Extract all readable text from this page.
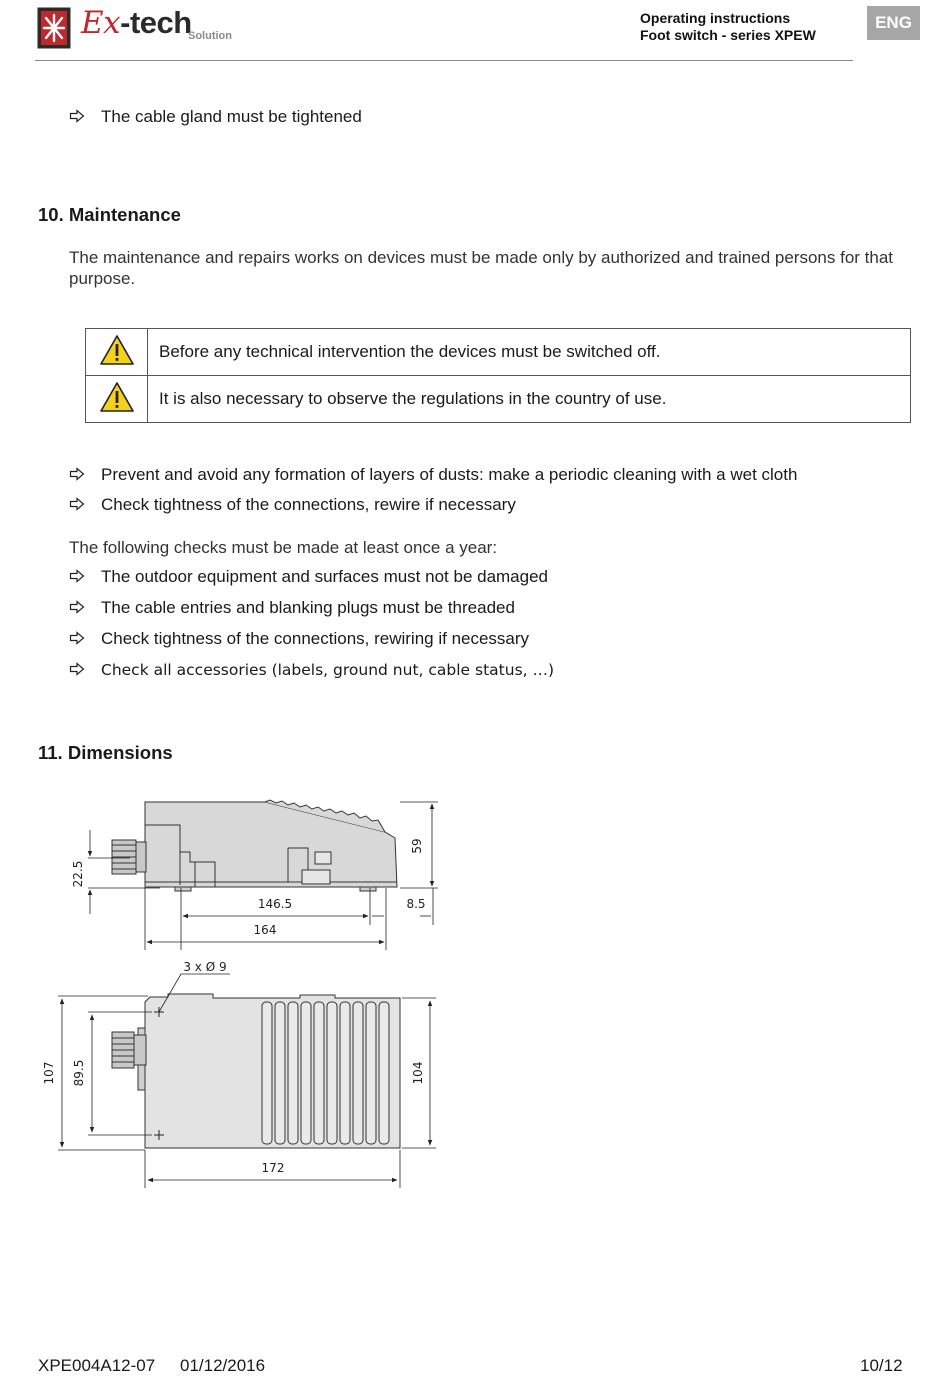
Ex-tech
Solution
Operating instructions
Foot switch - series XPEW
ENG
The cable gland must be tightened
10. Maintenance
The maintenance and repairs works on devices must be made only by authorized and trained persons for that purpose.
	Before any technical intervention the devices must be switched off.
	It is also necessary to observe the regulations in the country of use.
Prevent and avoid any formation of layers of dusts: make a periodic cleaning with a wet cloth
Check tightness of the connections, rewire if necessary
The following checks must be made at least once a year:
The outdoor equipment and surfaces must not be damaged
The cable entries and blanking plugs must be threaded
Check tightness of the connections, rewiring if necessary
Check all accessories (labels, ground nut, cable status, …)
11. Dimensions
22.5
59
146.5	8.5
164
3 x Ø 9
107 89.5	104
172
XPE004A12-07 01/12/2016	10/12
